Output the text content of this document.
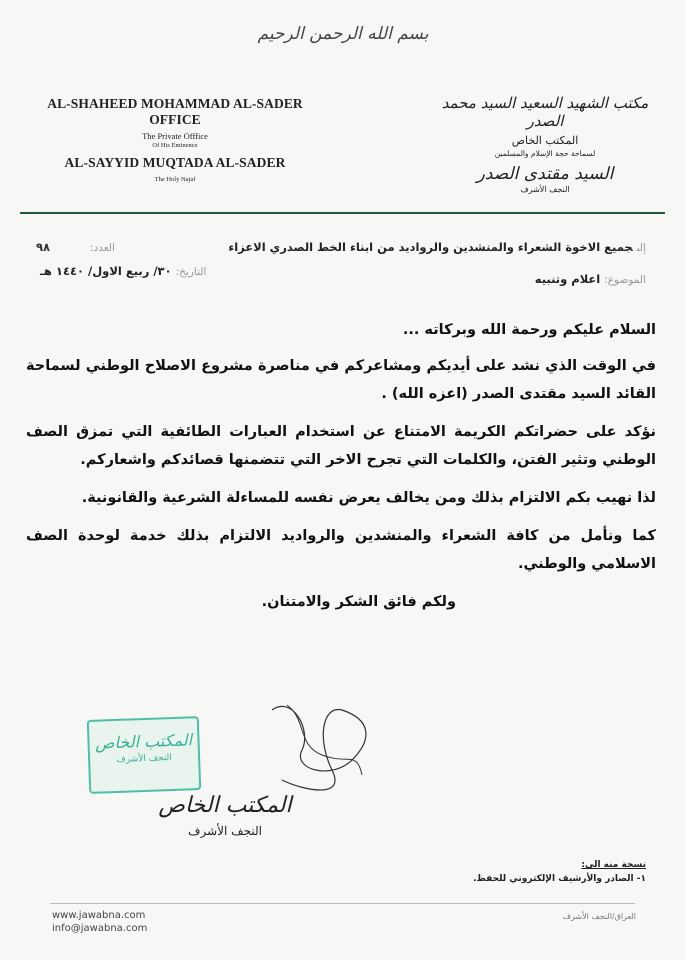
بسم الله الرحمن الرحيم
AL-SHAHEED MOHAMMAD AL-SADER OFFICE
The Private Offfice
Of His Eminence
AL-SAYYID MUQTADA AL-SADER
The Holy Najaf
مكتب الشهيد السعيد السيد محمد الصدر
المكتب الخاص
لسماحة حجة الإسلام والمسلمين
السيد مقتدى الصدر
النجف الأشرف
إلىجميع الاخوة الشعراء والمنشدين والرواديد من ابناء الخط الصدري الاعزاء
العدد:
٩٨
التاريخ:٣٠/ ربيع الاول/ ١٤٤٠ هـ
الموضوع:اعلام وتنبيه

السلام عليكم ورحمة الله وبركاته ...

في الوقت الذي نشد على أيديكم ومشاعركم في مناصرة مشروع الاصلاح الوطني لسماحة القائد السيد مقتدى الصدر (اعزه الله) .

نؤكد على حضراتكم الكريمة الامتناع عن استخدام العبارات الطائفية التي تمزق الصف الوطني وتثير الفتن، والكلمات التي تجرح الاخر التي تتضمنها قصائدكم واشعاركم.

لذا نهيب بكم الالتزام بذلك ومن يخالف يعرض نفسه للمساءلة الشرعية والقانونية.

كما ونأمل من كافة الشعراء والمنشدين والرواديد الالتزام بذلك خدمة لوحدة الصف الاسلامي والوطني.

ولكم فائق الشكر والامتنان.

المكتب الخاص
النجف الأشرف
المكتب الخاص
النجف الأشرف
نسخة منه الى:
١- الصادر والأرشيف الإلكتروني للحفظ.
www.jawabna.com
info@jawabna.com
العراق/النجف الأشرف
